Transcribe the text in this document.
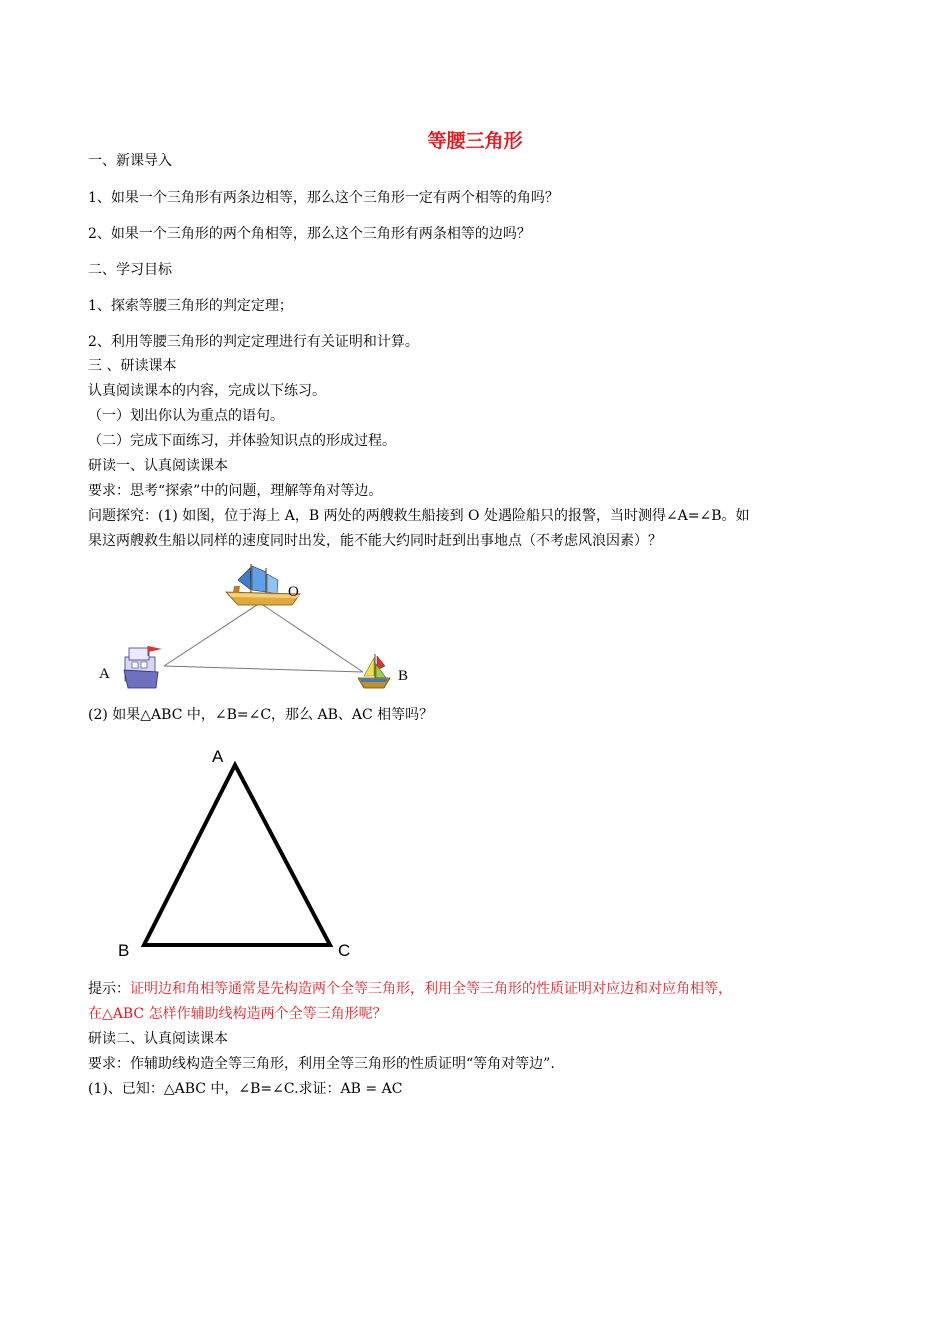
等腰三角形
一、新课导入
1、如果一个三角形有两条边相等，那么这个三角形一定有两个相等的角吗？
2、如果一个三角形的两个角相等，那么这个三角形有两条相等的边吗？
二、学习目标
1、探索等腰三角形的判定定理；
2、利用等腰三角形的判定定理进行有关证明和计算。
三 、研读课本
认真阅读课本的内容，完成以下练习。
（一）划出你认为重点的语句。
（二）完成下面练习，并体验知识点的形成过程。
研读一、认真阅读课本
要求：思考“探索”中的问题，理解等角对等边。
问题探究：(1) 如图，位于海上 A，B 两处的两艘救生船接到 O 处遇险船只的报警，当时测得∠A=∠B。如
果这两艘救生船以同样的速度同时出发，能不能大约同时赶到出事地点（不考虑风浪因素）？
O
A	B
(2) 如果△ABC 中，∠B=∠C，那么 AB、AC 相等吗？
A
B	C
提示：证明边和角相等通常是先构造两个全等三角形，利用全等三角形的性质证明对应边和对应角相等，
在△ABC 怎样作辅助线构造两个全等三角形呢？
研读二、认真阅读课本
要求：作辅助线构造全等三角形，利用全等三角形的性质证明“等角对等边”.
(1)、已知：△ABC 中，∠B=∠C.求证：AB = AC
